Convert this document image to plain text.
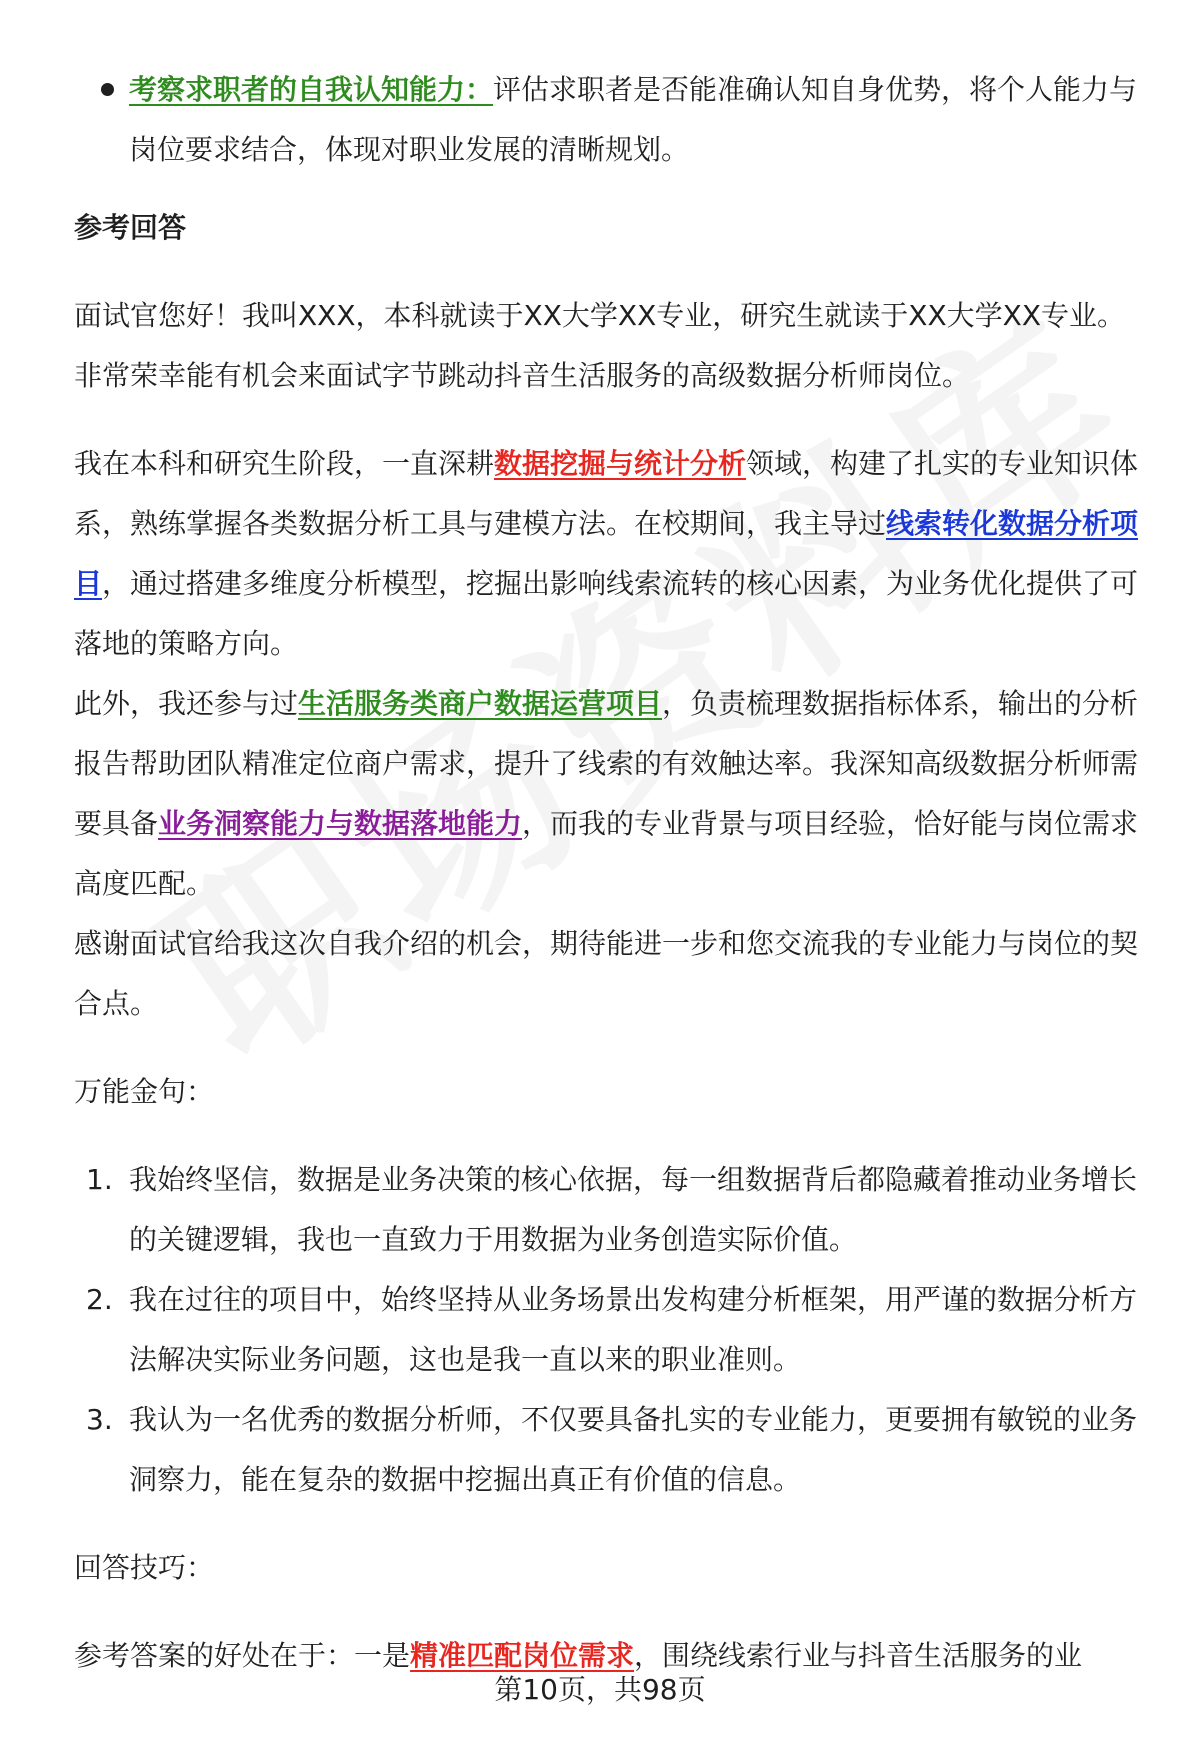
考察求职者的自我认知能力：评估求职者是否能准确认知自身优势，将个人能力与岗位要求结合，体现对职业发展的清晰规划。
参考回答

面试官您好！我叫XXX，本科就读于XX大学XX专业，研究生就读于XX大学XX专业。非常荣幸能有机会来面试字节跳动抖音生活服务的高级数据分析师岗位。

我在本科和研究生阶段，一直深耕数据挖掘与统计分析领域，构建了扎实的专业知识体系，熟练掌握各类数据分析工具与建模方法。在校期间，我主导过线索转化数据分析项目，通过搭建多维度分析模型，挖掘出影响线索流转的核心因素，为业务优化提供了可落地的策略方向。

此外，我还参与过生活服务类商户数据运营项目，负责梳理数据指标体系，输出的分析报告帮助团队精准定位商户需求，提升了线索的有效触达率。我深知高级数据分析师需要具备业务洞察能力与数据落地能力，而我的专业背景与项目经验，恰好能与岗位需求高度匹配。

感谢面试官给我这次自我介绍的机会，期待能进一步和您交流我的专业能力与岗位的契合点。

万能金句：
1. 我始终坚信，数据是业务决策的核心依据，每一组数据背后都隐藏着推动业务增长的关键逻辑，我也一直致力于用数据为业务创造实际价值。
2. 我在过往的项目中，始终坚持从业务场景出发构建分析框架，用严谨的数据分析方法解决实际业务问题，这也是我一直以来的职业准则。
3. 我认为一名优秀的数据分析师，不仅要具备扎实的专业能力，更要拥有敏锐的业务洞察力，能在复杂的数据中挖掘出真正有价值的信息。
回答技巧：

参考答案的好处在于：一是精准匹配岗位需求，围绕线索行业与抖音生活服务的业

第10页，共98页
